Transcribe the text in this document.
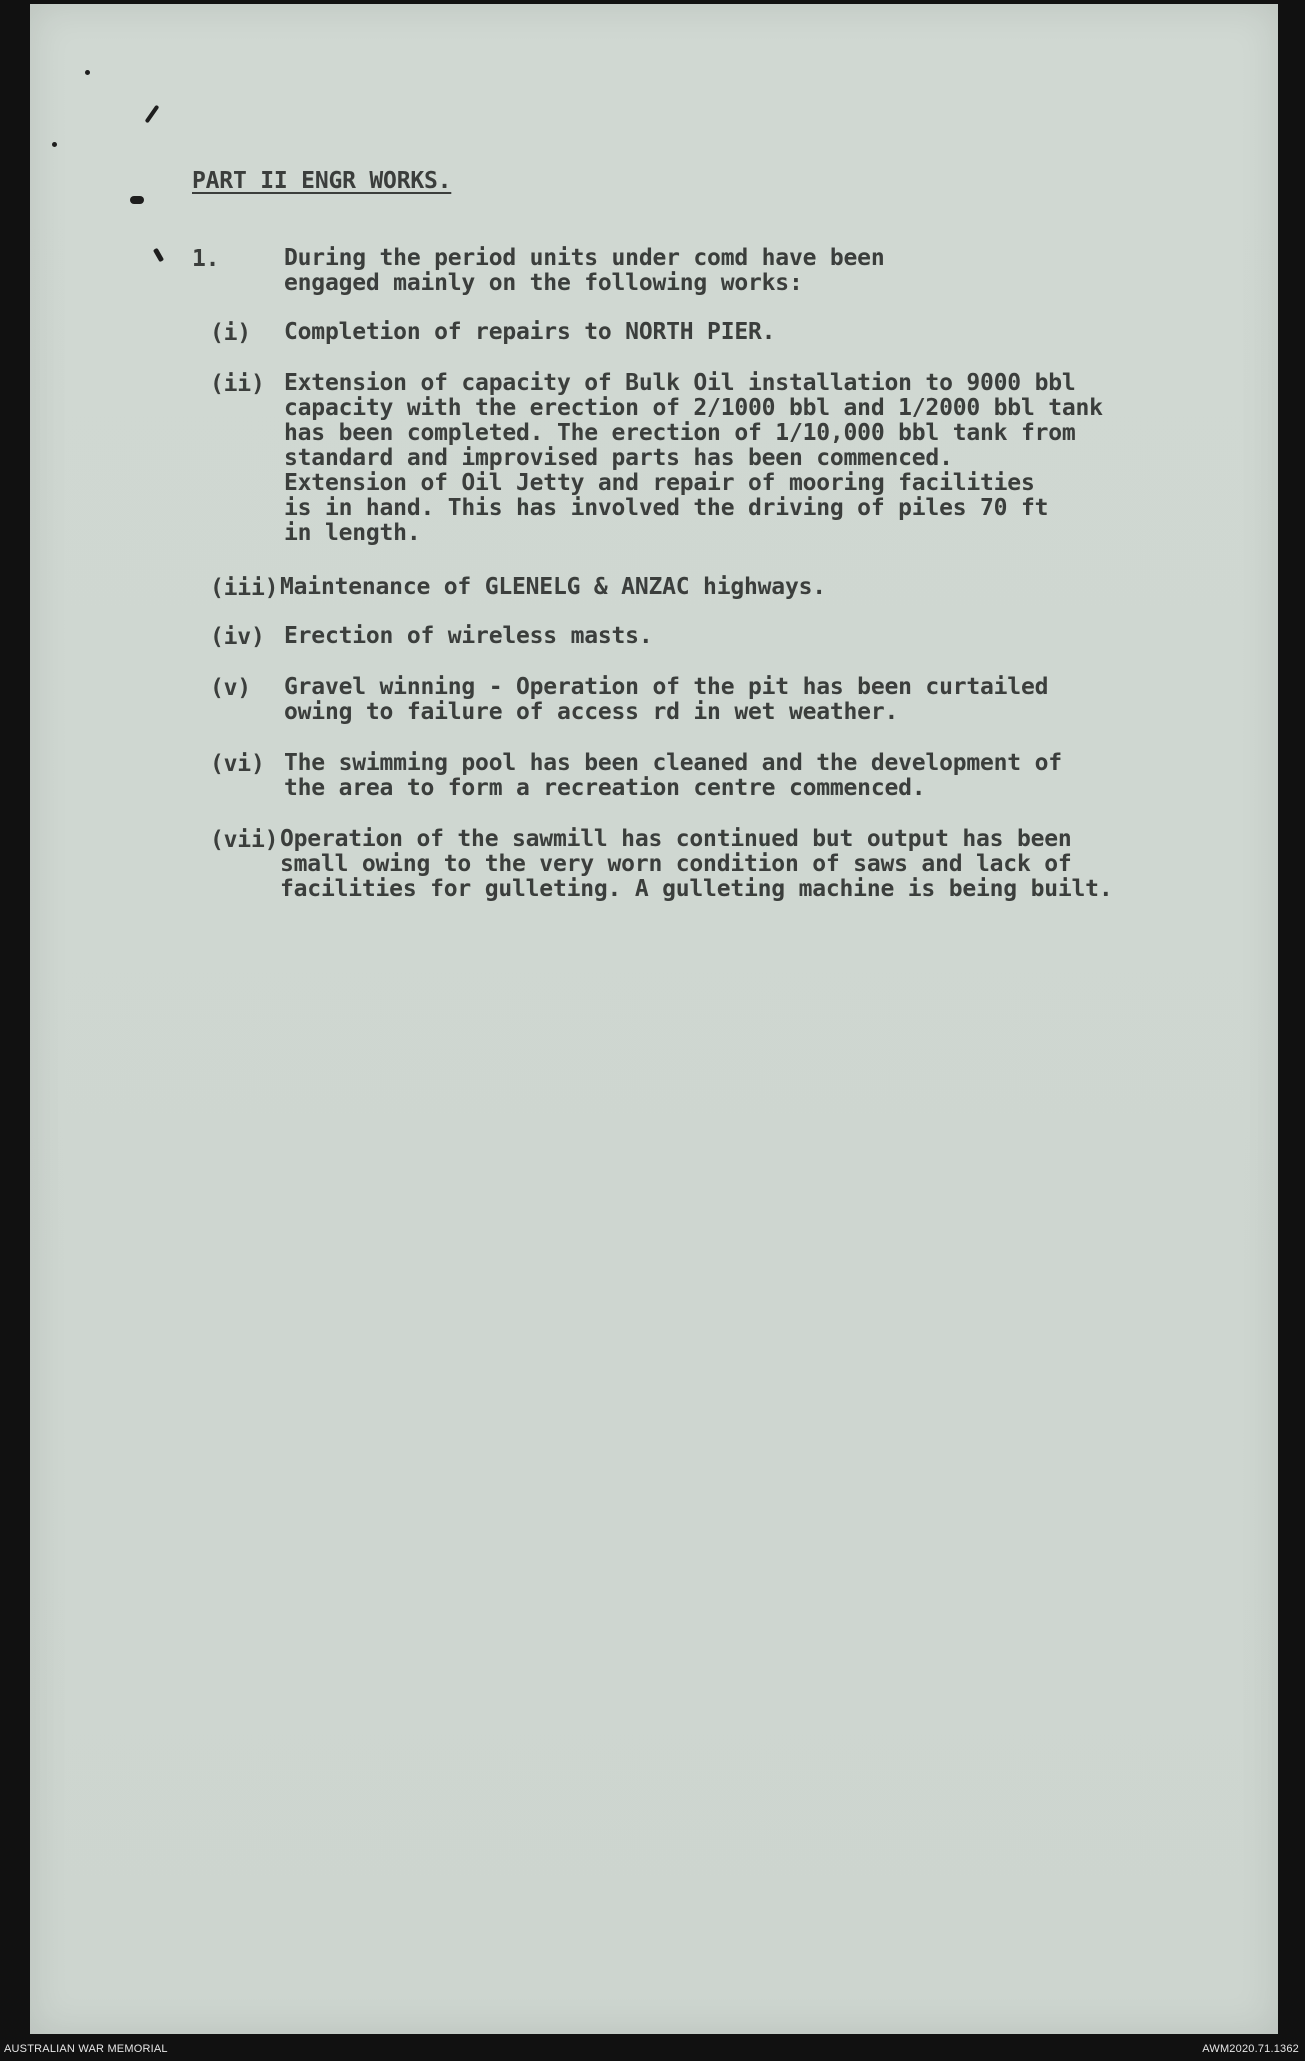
PART II ENGR WORKS.
1.	During the period units under comd have been
engaged mainly on the following works:
(i) Completion of repairs to NORTH PIER.
(ii) Extension of capacity of Bulk Oil installation to 9000 bbl
capacity with the erection of 2/1000 bbl and 1/2000 bbl tank
has been completed. The erection of 1/10,000 bbl tank from
standard and improvised parts has been commenced.
Extension of Oil Jetty and repair of mooring facilities
is in hand. This has involved the driving of piles 70 ft
in length.
(iii) Maintenance of GLENELG & ANZAC highways.
(iv) Erection of wireless masts.
(v) Gravel winning - Operation of the pit has been curtailed
owing to failure of access rd in wet weather.
(vi) The swimming pool has been cleaned and the development of
the area to form a recreation centre commenced.
(vii) Operation of the sawmill has continued but output has been
small owing to the very worn condition of saws and lack of
facilities for gulleting. A gulleting machine is being built.
AUSTRALIAN WAR MEMORIAL	AWM2020.71.1362
